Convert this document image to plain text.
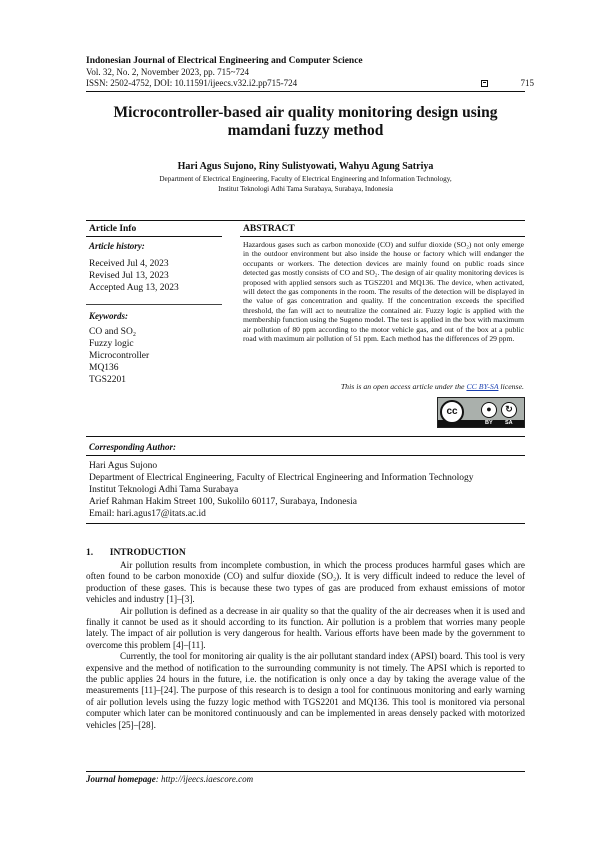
Indonesian Journal of Electrical Engineering and Computer Science
Vol. 32, No. 2, November 2023, pp. 715~724
ISSN: 2502-4752, DOI: 10.11591/ijeecs.v32.i2.pp715-724	715
Microcontroller-based air quality monitoring design using mamdani fuzzy method
Hari Agus Sujono, Riny Sulistyowati, Wahyu Agung Satriya
Department of Electrical Engineering, Faculty of Electrical Engineering and Information Technology,
Institut Teknologi Adhi Tama Surabaya, Surabaya, Indonesia
Article Info	ABSTRACT
Article history:
Received Jul 4, 2023
Revised Jul 13, 2023
Accepted Aug 13, 2023
Keywords:
CO and SO₂
Fuzzy logic
Microcontroller
MQ136
TGS2201
Hazardous gases such as carbon monoxide (CO) and sulfur dioxide (SO₂) not only emerge in the outdoor environment but also inside the house or factory which will endanger the occupants or workers. The detection devices are mainly found on public roads since detected gas mostly consists of CO and SO₂. The design of air quality monitoring devices is proposed with applied sensors such as TGS2201 and MQ136. The device, when activated, will detect the gas components in the room. The results of the detection will be displayed in the value of gas concentration and quality. If the concentration exceeds the specified threshold, the fan will act to neutralize the contained air. Fuzzy logic is applied with the membership function using the Sugeno model. The test is applied in the box with maximum air pollution of 80 ppm according to the motor vehicle gas, and out of the box at a public road with maximum air pollution of 51 ppm. Each method has the differences of 29 ppm.
This is an open access article under the CC BY-SA license.
cc	●	↻
BY SA
Corresponding Author:
Hari Agus Sujono
Department of Electrical Engineering, Faculty of Electrical Engineering and Information Technology
Institut Teknologi Adhi Tama Surabaya
Arief Rahman Hakim Street 100, Sukolilo 60117, Surabaya, Indonesia
Email: hari.agus17@itats.ac.id
1.       INTRODUCTION

Air pollution results from incomplete combustion, in which the process produces harmful gases which are often found to be carbon monoxide (CO) and sulfur dioxide (SO₂). It is very difficult indeed to reduce the level of production of these gases. This is because these two types of gas are produced from exhaust emissions of motor vehicles and industry [1]–[3].

Air pollution is defined as a decrease in air quality so that the quality of the air decreases when it is used and finally it cannot be used as it should according to its function. Air pollution is a problem that worries many people lately. The impact of air pollution is very dangerous for health. Various efforts have been made by the government to overcome this problem [4]–[11].

Currently, the tool for monitoring air quality is the air pollutant standard index (APSI) board. This tool is very expensive and the method of notification to the surrounding community is not timely. The APSI which is reported to the public applies 24 hours in the future, i.e. the notification is only once a day by taking the average value of the measurements [11]–[24]. The purpose of this research is to design a tool for continuous monitoring and early warning of air pollution levels using the fuzzy logic method with TGS2201 and MQ136. This tool is monitored via personal computer which later can be monitored continuously and can be implemented in areas densely packed with motorized vehicles [25]–[28].

Journal homepage: http://ijeecs.iaescore.com
